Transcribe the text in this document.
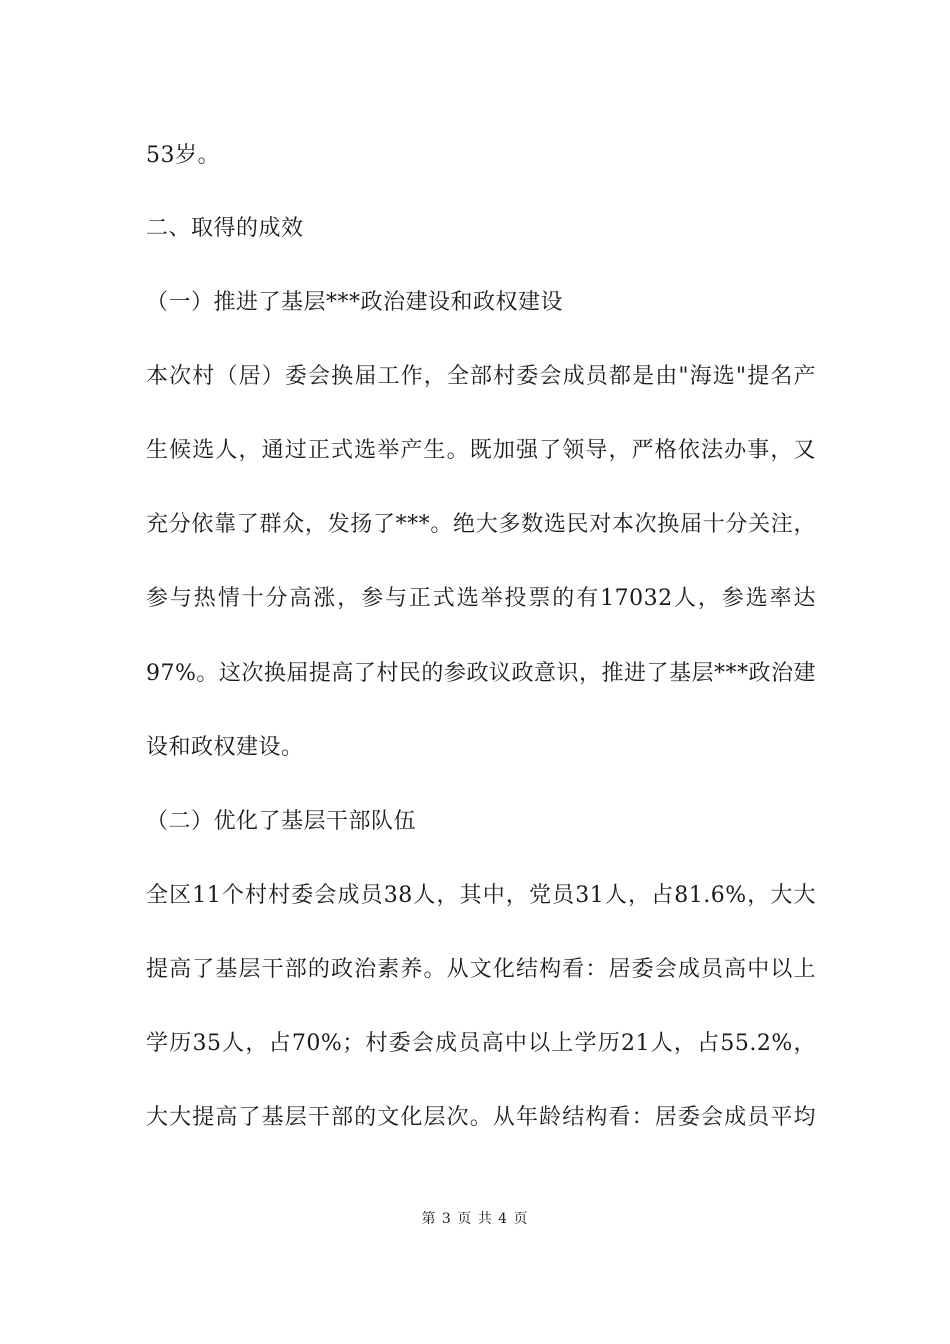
53岁。
二、取得的成效
（一）推进了基层***政治建设和政权建设
本次村（居）委会换届工作，全部村委会成员都是由"海选"提名产
生候选人，通过正式选举产生。既加强了领导，严格依法办事，又
充分依靠了群众，发扬了***。绝大多数选民对本次换届十分关注，
参与热情十分高涨，参与正式选举投票的有17032人，参选率达
97%。这次换届提高了村民的参政议政意识，推进了基层***政治建
设和政权建设。
（二）优化了基层干部队伍
全区11个村村委会成员38人，其中，党员31人，占81.6%，大大
提高了基层干部的政治素养。从文化结构看：居委会成员高中以上
学历35人，占70%；村委会成员高中以上学历21人，占55.2%，
大大提高了基层干部的文化层次。从年龄结构看：居委会成员平均
第 3 页 共 4 页
